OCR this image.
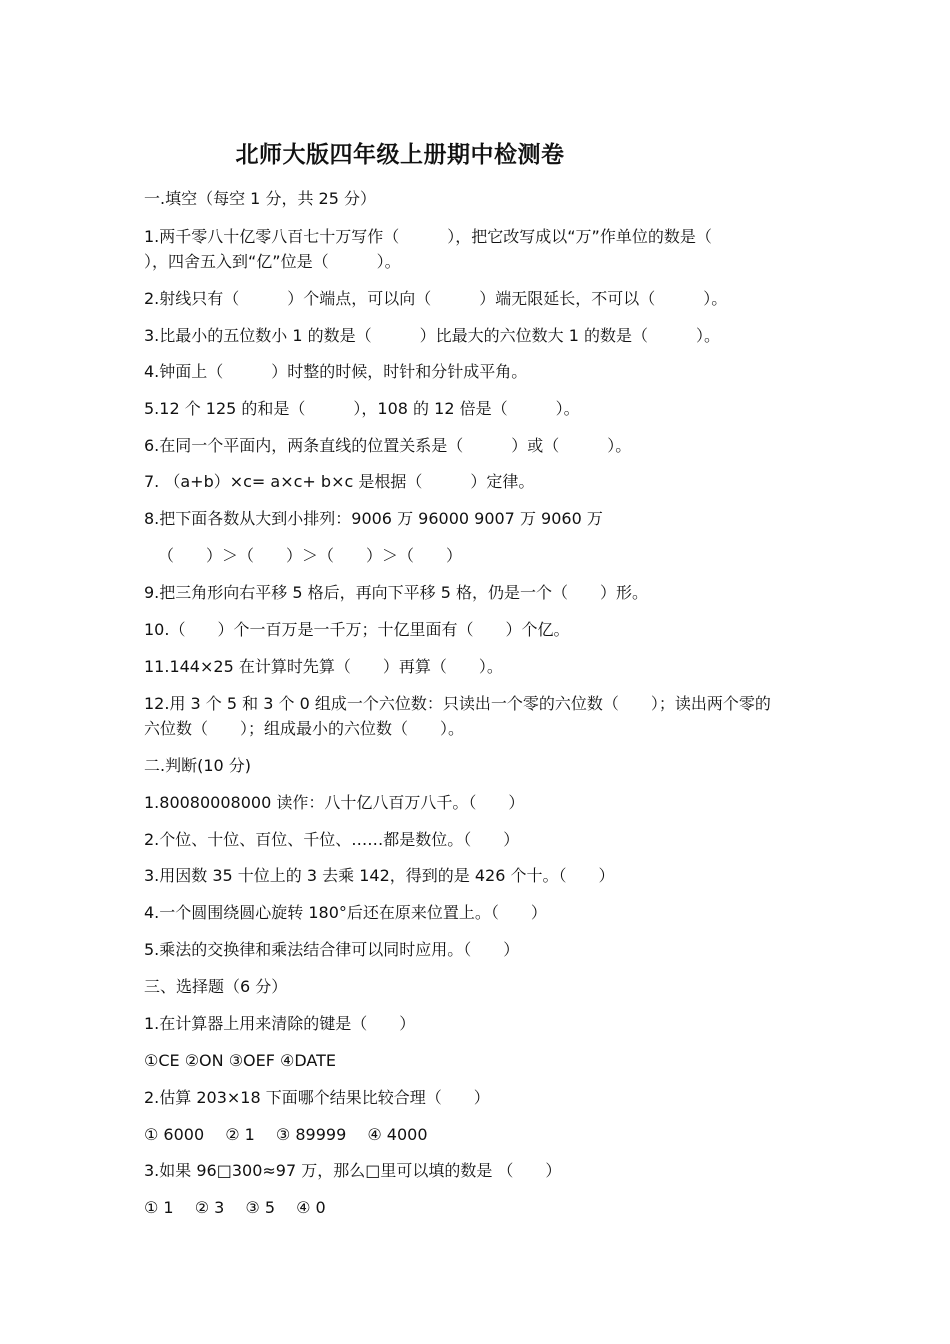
北师大版四年级上册期中检测卷
一.填空（每空 1 分，共 25 分）
1.两千零八十亿零八百七十万写作（　　　），把它改写成以“万”作单位的数是（
），四舍五入到“亿”位是（　　　）。
2.射线只有（　　　）个端点，可以向（　　　）端无限延长，不可以（　　　）。
3.比最小的五位数小 1 的数是（　　　）比最大的六位数大 1 的数是（　　　）。
4.钟面上（　　　）时整的时候，时针和分针成平角。
5.12 个 125 的和是（　　　），108 的 12 倍是（　　　）。
6.在同一个平面内，两条直线的位置关系是（　　　）或（　　　）。
7. （a+b）×c= a×c+ b×c 是根据（　　　）定律。
8.把下面各数从大到小排列：9006 万 96000 9007 万 9060 万
（　　）＞（　　）＞（　　）＞（　　）
9.把三角形向右平移 5 格后，再向下平移 5 格，仍是一个（　　）形。
10.（　　）个一百万是一千万；十亿里面有（　　）个亿。
11.144×25 在计算时先算（　　）再算（　　）。
12.用 3 个 5 和 3 个 0 组成一个六位数：只读出一个零的六位数（　　）；读出两个零的
六位数（　　）；组成最小的六位数（　　）。
二.判断(10 分)
1.80080008000 读作：八十亿八百万八千。（　　）
2.个位、十位、百位、千位、……都是数位。（　　）
3.用因数 35 十位上的 3 去乘 142，得到的是 426 个十。（　　）
4.一个圆围绕圆心旋转 180°后还在原来位置上。（　　）
5.乘法的交换律和乘法结合律可以同时应用。（　　）
三、选择题（6 分）
1.在计算器上用来清除的键是（　　）
①CE ②ON ③OEF ④DATE
2.估算 203×18 下面哪个结果比较合理（　　）
① 6000 　② 1 　③ 89999 　④ 4000
3.如果 96□300≈97 万，那么□里可以填的数是 （　　）
① 1 　② 3 　③ 5 　④ 0
